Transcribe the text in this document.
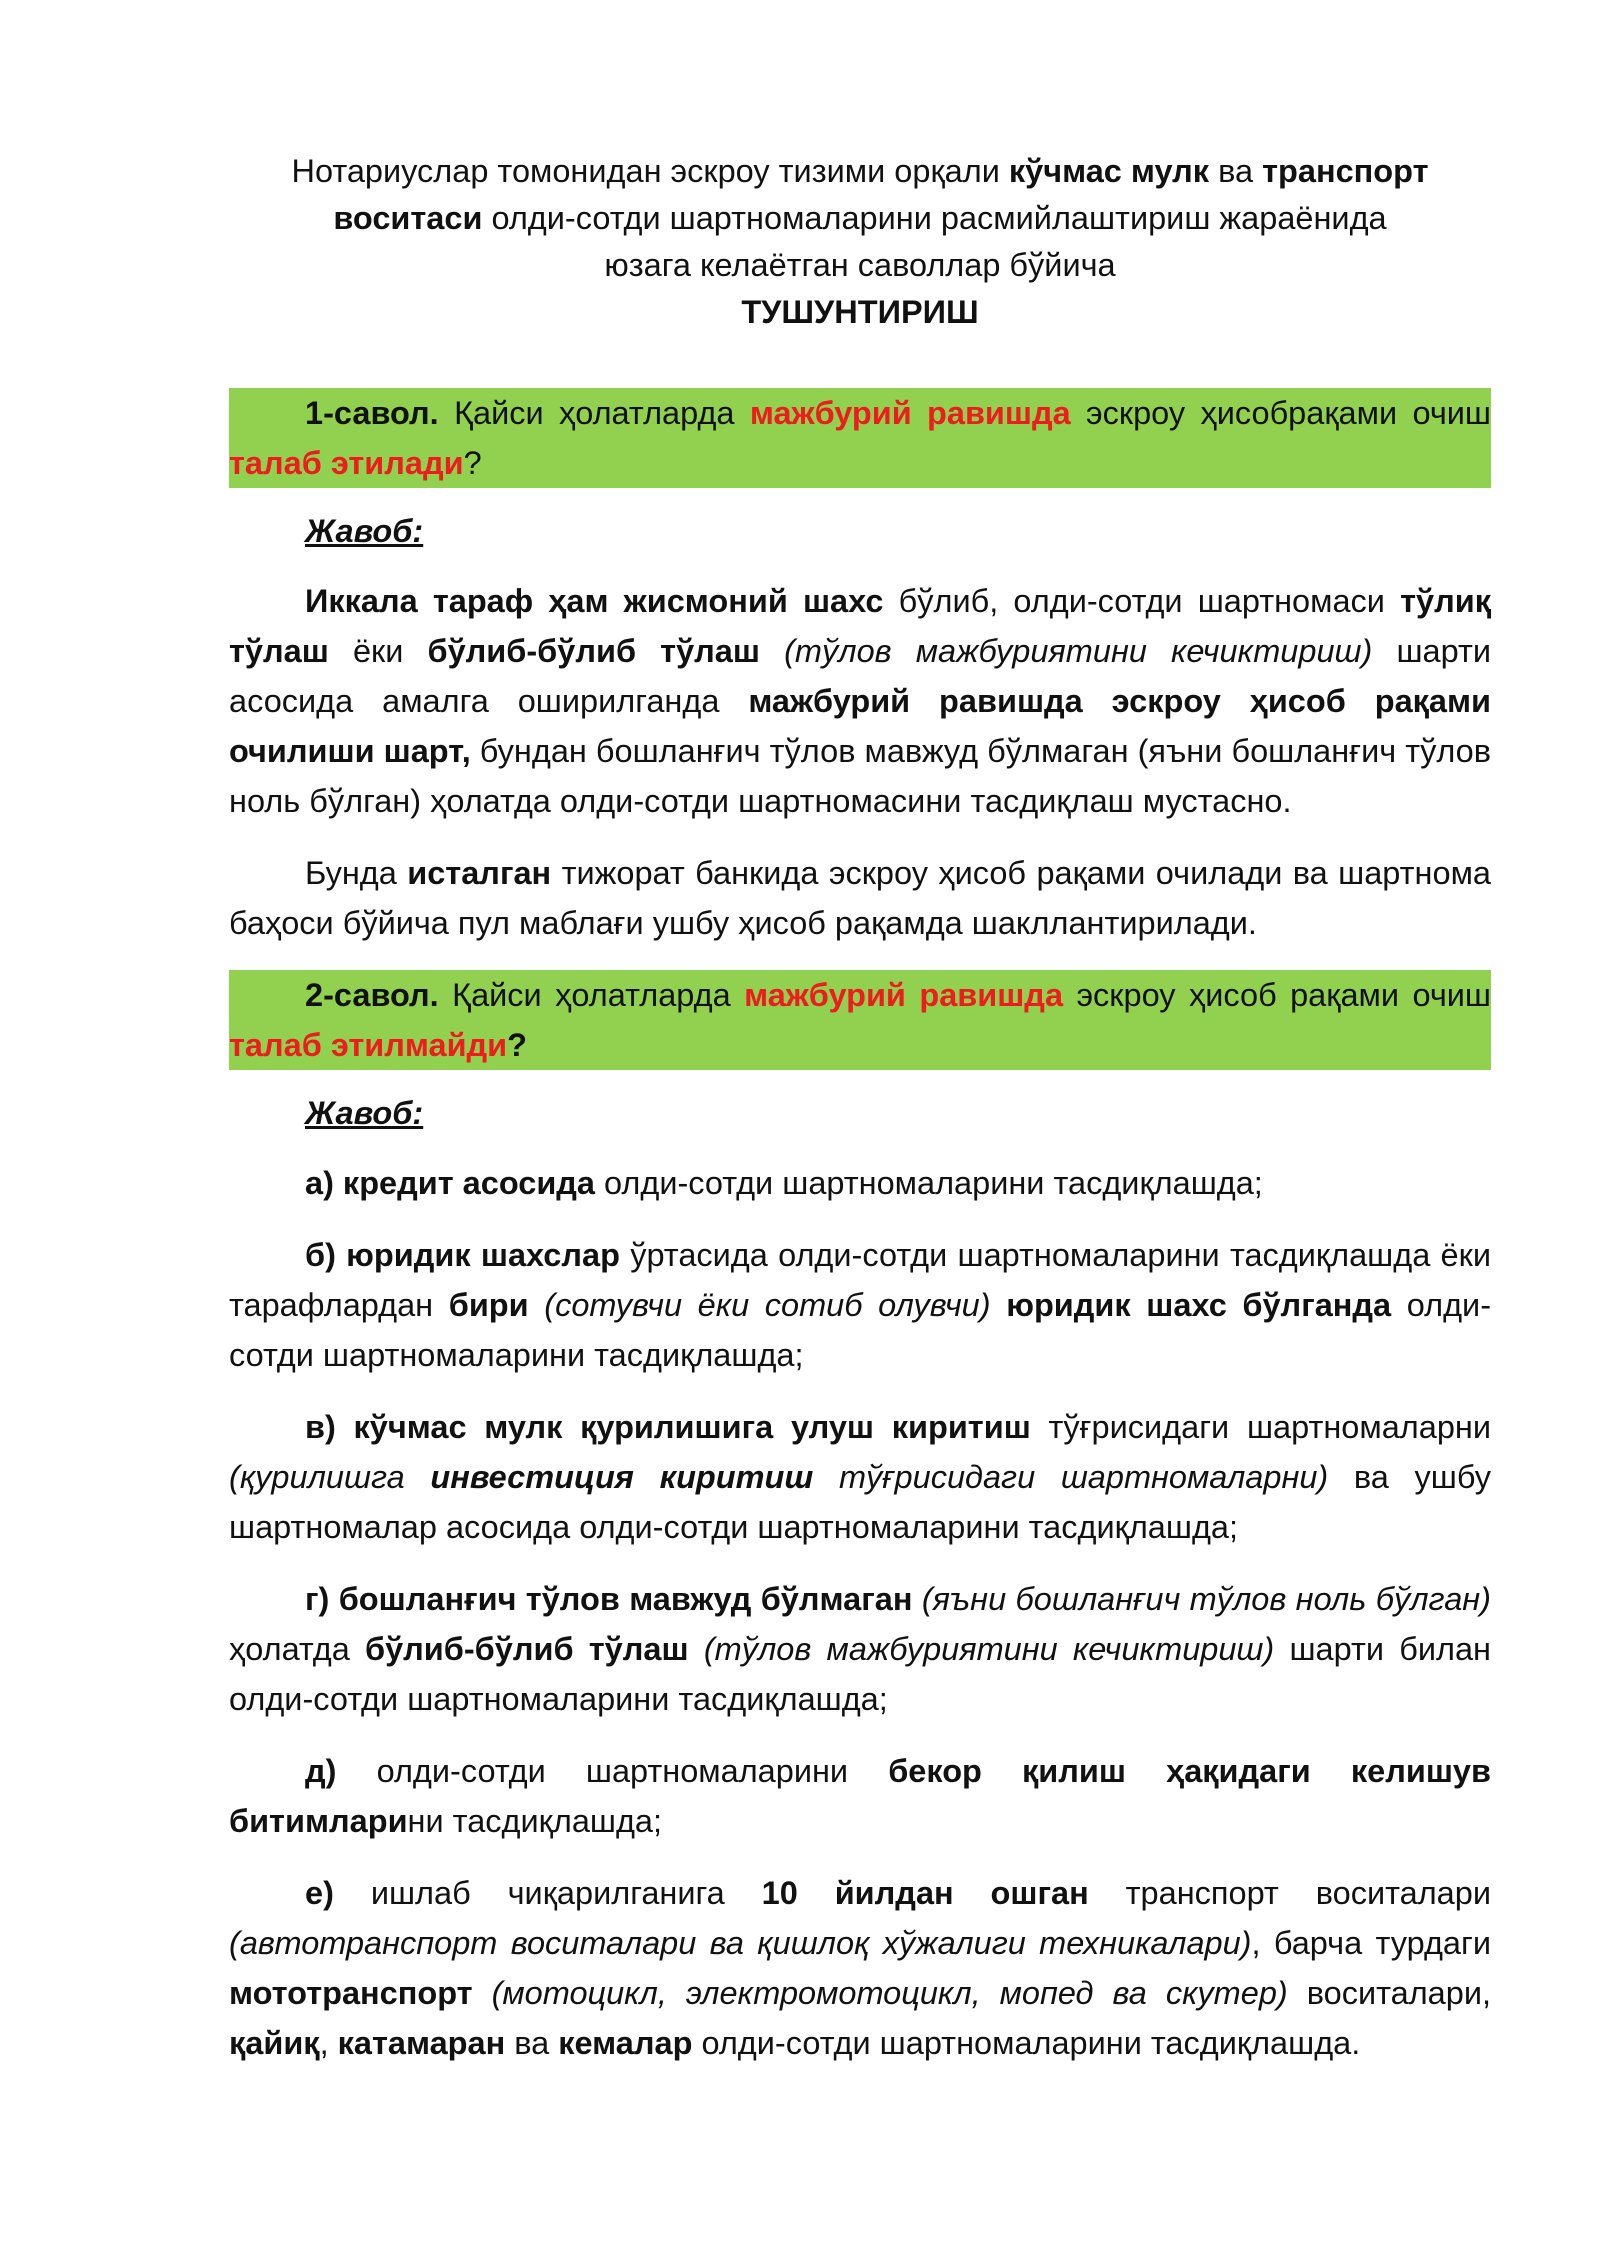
Нотариуслар томонидан эскроу тизими орқали кўчмас мулк ва транспорт
воситаси олди-сотди шартномаларини расмийлаштириш жараёнида
юзага келаётган саволлар бўйича
ТУШУНТИРИШ

1-савол. Қайси ҳолатларда мажбурий равишда эскроу ҳисобрақами очиш талаб этилади?

Жавоб:

Иккала тараф ҳам жисмоний шахс бўлиб, олди-сотди шартномаси тўлиқ тўлаш ёки бўлиб-бўлиб тўлаш (тўлов мажбуриятини кечиктириш) шарти асосида амалга оширилганда мажбурий равишда эскроу ҳисоб рақами очилиши шарт, бундан бошланғич тўлов мавжуд бўлмаган (яъни бошланғич тўлов ноль бўлган) ҳолатда олди-сотди шартномасини тасдиқлаш мустасно.

Бунда исталган тижорат банкида эскроу ҳисоб рақами очилади ва шартнома баҳоси бўйича пул маблағи ушбу ҳисоб рақамда шакллантирилади.

2-савол. Қайси ҳолатларда мажбурий равишда эскроу ҳисоб рақами очиш талаб этилмайди?

Жавоб:

а) кредит асосида олди-сотди шартномаларини тасдиқлашда;

б) юридик шахслар ўртасида олди-сотди шартномаларини тасдиқлашда ёки тарафлардан бири (сотувчи ёки сотиб олувчи) юридик шахс бўлганда олди-сотди шартномаларини тасдиқлашда;

в) кўчмас мулк қурилишига улуш киритиш тўғрисидаги шартномаларни (қурилишга инвестиция киритиш тўғрисидаги шартномаларни) ва ушбу шартномалар асосида олди-сотди шартномаларини тасдиқлашда;

г) бошланғич тўлов мавжуд бўлмаган (яъни бошланғич тўлов ноль бўлган) ҳолатда бўлиб-бўлиб тўлаш (тўлов мажбуриятини кечиктириш) шарти билан олди-сотди шартномаларини тасдиқлашда;

д) олди-сотди шартномаларини бекор қилиш ҳақидаги келишув битимларини тасдиқлашда;

е) ишлаб чиқарилганига 10 йилдан ошган транспорт воситалари (автотранспорт воситалари ва қишлоқ хўжалиги техникалари), барча турдаги мототранспорт (мотоцикл, электромотоцикл, мопед ва скутер) воситалари, қайиқ, катамаран ва кемалар олди-сотди шартномаларини тасдиқлашда.
